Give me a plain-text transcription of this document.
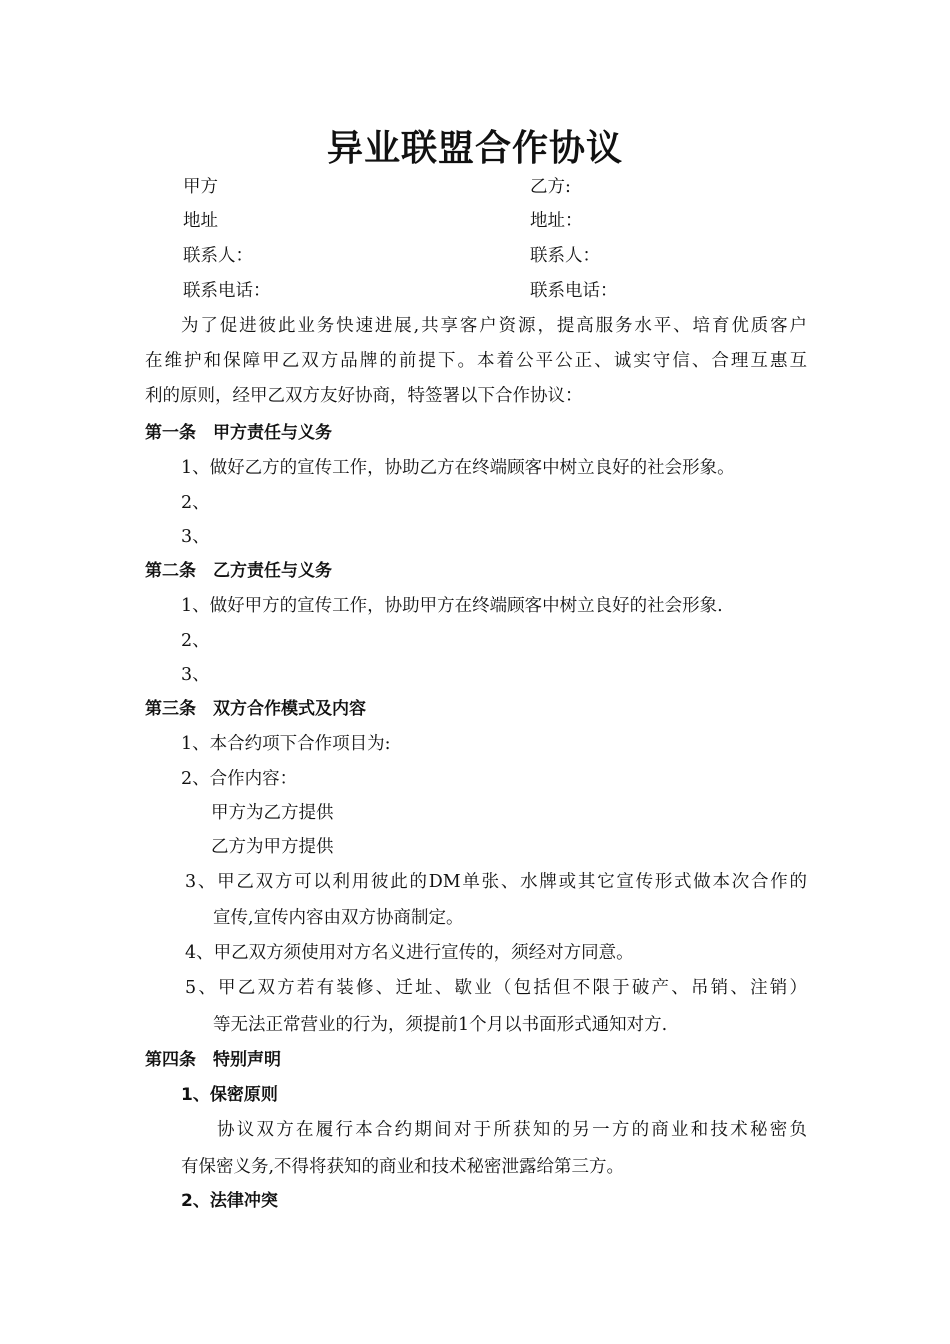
异业联盟合作协议
甲方	乙方:
地址	地址：
联系人：	联系人：
联系电话：	联系电话：
为了促进彼此业务快速进展,共享客户资源，提高服务水平、培育优质客户
在维护和保障甲乙双方品牌的前提下。本着公平公正、诚实守信、合理互惠互
利的原则，经甲乙双方友好协商，特签署以下合作协议：
第一条　甲方责任与义务
1、做好乙方的宣传工作，协助乙方在终端顾客中树立良好的社会形象。
2、
3、
第二条　乙方责任与义务
1、做好甲方的宣传工作，协助甲方在终端顾客中树立良好的社会形象.
2、
3、
第三条　双方合作模式及内容
1、本合约项下合作项目为:
2、合作内容：
甲方为乙方提供
乙方为甲方提供
3、甲乙双方可以利用彼此的DM单张、水牌或其它宣传形式做本次合作的
宣传,宣传内容由双方协商制定。
4、甲乙双方须使用对方名义进行宣传的，须经对方同意。
5、甲乙双方若有装修、迁址、歇业（包括但不限于破产、吊销、注销）
等无法正常营业的行为，须提前1个月以书面形式通知对方.
第四条　特别声明
1、保密原则
协议双方在履行本合约期间对于所获知的另一方的商业和技术秘密负
有保密义务,不得将获知的商业和技术秘密泄露给第三方。
2、法律冲突
